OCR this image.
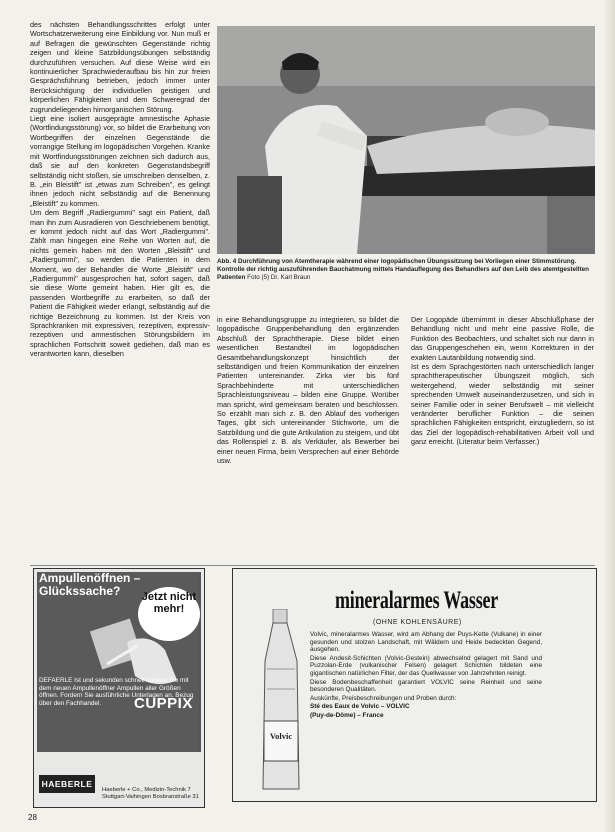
des nächsten Behandlungsschrittes erfolgt unter Wortschatzerweiterung eine Einbildung vor. Nun muß er auf Befragen die gewünschten Gegenstände richtig zeigen und kleine Satzbildungsübungen selbständig durchzuführen versuchen. Auf diese Weise wird ein kontinuierlicher Sprachwiederaufbau bis hin zur freien Gesprächsführung betrieben, jedoch immer unter Berücksichtigung der individuellen geistigen und körperlichen Fähigkeiten und dem Schweregrad der zugrundeliegenden hirnorganischen Störung.

Liegt eine isoliert ausgeprägte amnestische Aphasie (Wortfindungsstörung) vor, so bildet die Erarbeitung von Wortbegriffen der einzelnen Gegenstände die vorrangige Stellung im logopädischen Vorgehen. Kranke mit Wortfindungsstörungen zeichnen sich dadurch aus, daß sie auf den konkreten Gegenstandsbegriff selbständig nicht stoßen, sie umschreiben denselben, z. B. „ein Bleistift" ist „etwas zum Schreiben", es gelingt ihnen jedoch nicht selbständig auf die Benennung „Bleistift" zu kommen.

Um dem Begriff „Radiergummi" sagt ein Patient, daß man ihn zum Ausradieren von Geschriebenem benötigt, er kommt jedoch nicht auf das Wort „Radiergummi". Zählt man hingegen eine Reihe von Worten auf, die nichts gemein haben mit den Worten „Bleistift" und „Radiergummi", so werden die Patienten in dem Moment, wo der Behandler die Worte „Bleistift" und „Radiergummi" ausgesprochen hat, sofort sagen, daß sie diese Worte gemeint haben. Hier gilt es, die passenden Wortbegriffe zu erarbeiten, so daß der Patient die Fähigkeit wieder erlangt, selbständig auf die richtige Bezeichnung zu kommen. Ist der Kreis von Sprachkranken mit expressiven, rezeptiven, expressiv-rezeptiven und amnestischen Störungsbildern im sprachlichen Fortschritt soweit gediehen, daß man es verantworten kann, dieselben

Abb. 4 Durchführung von Atemtherapie während einer logopädischen Übungssitzung bei Vorliegen einer Stimmstörung. Kontrolle der richtig auszuführenden Bauchatmung mittels Handauflegung des Behandlers auf den Leib des atemtgestellten Patienten Foto (5) Dr. Karl Braun

in eine Behandlungsgruppe zu integrieren, so bildet die logopädische Gruppenbehandlung den ergänzenden Abschluß der Sprachtherapie. Diese bildet einen wesentlichen Bestandteil im logopädischen Gesamtbehandlungskonzept hinsichtlich der selbständigen und freien Kommunikation der einzelnen Patienten untereinander. Zirka vier bis fünf Sprachbehinderte mit unterschiedlichen Sprachleistungsniveau – bilden eine Gruppe. Worüber man spricht, wird gemeinsam beraten und beschlossen. So erzählt man sich z. B. den Ablauf des vorherigen Tages, gibt sich untereinander Stichworte, um die Satzbildung und die gute Artikulation zu steigern, und übt das Rollenspiel z. B. als Verkäufer, als Bewerber bei einer neuen Firma, beim Versprechen auf einer Behörde usw.

Der Logopäde übernimmt in dieser Abschlußphase der Behandlung nicht und mehr eine passive Rolle, die Funktion des Beobachters, und schaltet sich nur dann in das Gruppengeschehen ein, wenn Korrekturen in der exakten Lautanbildung notwendig sind.

Ist es dem Sprachgestörten nach unterschiedlich langer sprachtherapeutischer Übungszeit möglich, sich weitergehend, wieder selbständig mit seiner sprechenden Umwelt auseinanderzusetzen, und sich in seiner Familie oder in seiner Berufswelt – mit vielleicht veränderter beruflicher Funktion – die seinen sprachlichen Fähigkeiten entspricht, einzugliedern, so ist das Ziel der logopädisch-rehabilitativen Arbeit voll und ganz erreicht. (Literatur beim Verfasser.)

Ampullenöffnen – Glückssache?	Jetzt nicht mehr!
DEFAERLE Ist und sekunden schnell können Sie mit dem neuen Ampullenöffner Ampullen aller Größen öffnen. Fordern Sie ausführliche Unterlagen an. Bezug über den Fachhandel.	CUPPIX
HAEBERLE
Haeberle + Co., Medizin-Technik 7 Stuttgart-Vaihingen Bosbranstraße 31
Volvic
mineralarmes Wasser
(OHNE KOHLENSÄURE)

Volvic, mineralarmes Wasser, wird am Abhang der Puys-Kette (Vulkane) in einer gesunden und stolzen Landschaft, mit Wäldern und Heide bedeckten Gegend, ausgehen.

Diese Andesit-Schichten (Volvic-Gestein) abwechselnd gelagert mit Sand und Puzzolan-Erde (vulkanischer Felsen) gelagert Schichten bildeten eine gigantischen natürlichen Filter, der das Quellwasser von Jahrzehnten reinigt.

Diese Bodenbeschaffenheit garantiert VOLVIC seine Reinheit und seine besonderen Qualitäten.

Auskünfte, Preisbeschreibungen und Proben durch:

Sté des Eaux de Volvic – VOLVIC

(Puy-de-Dôme) – France

28
